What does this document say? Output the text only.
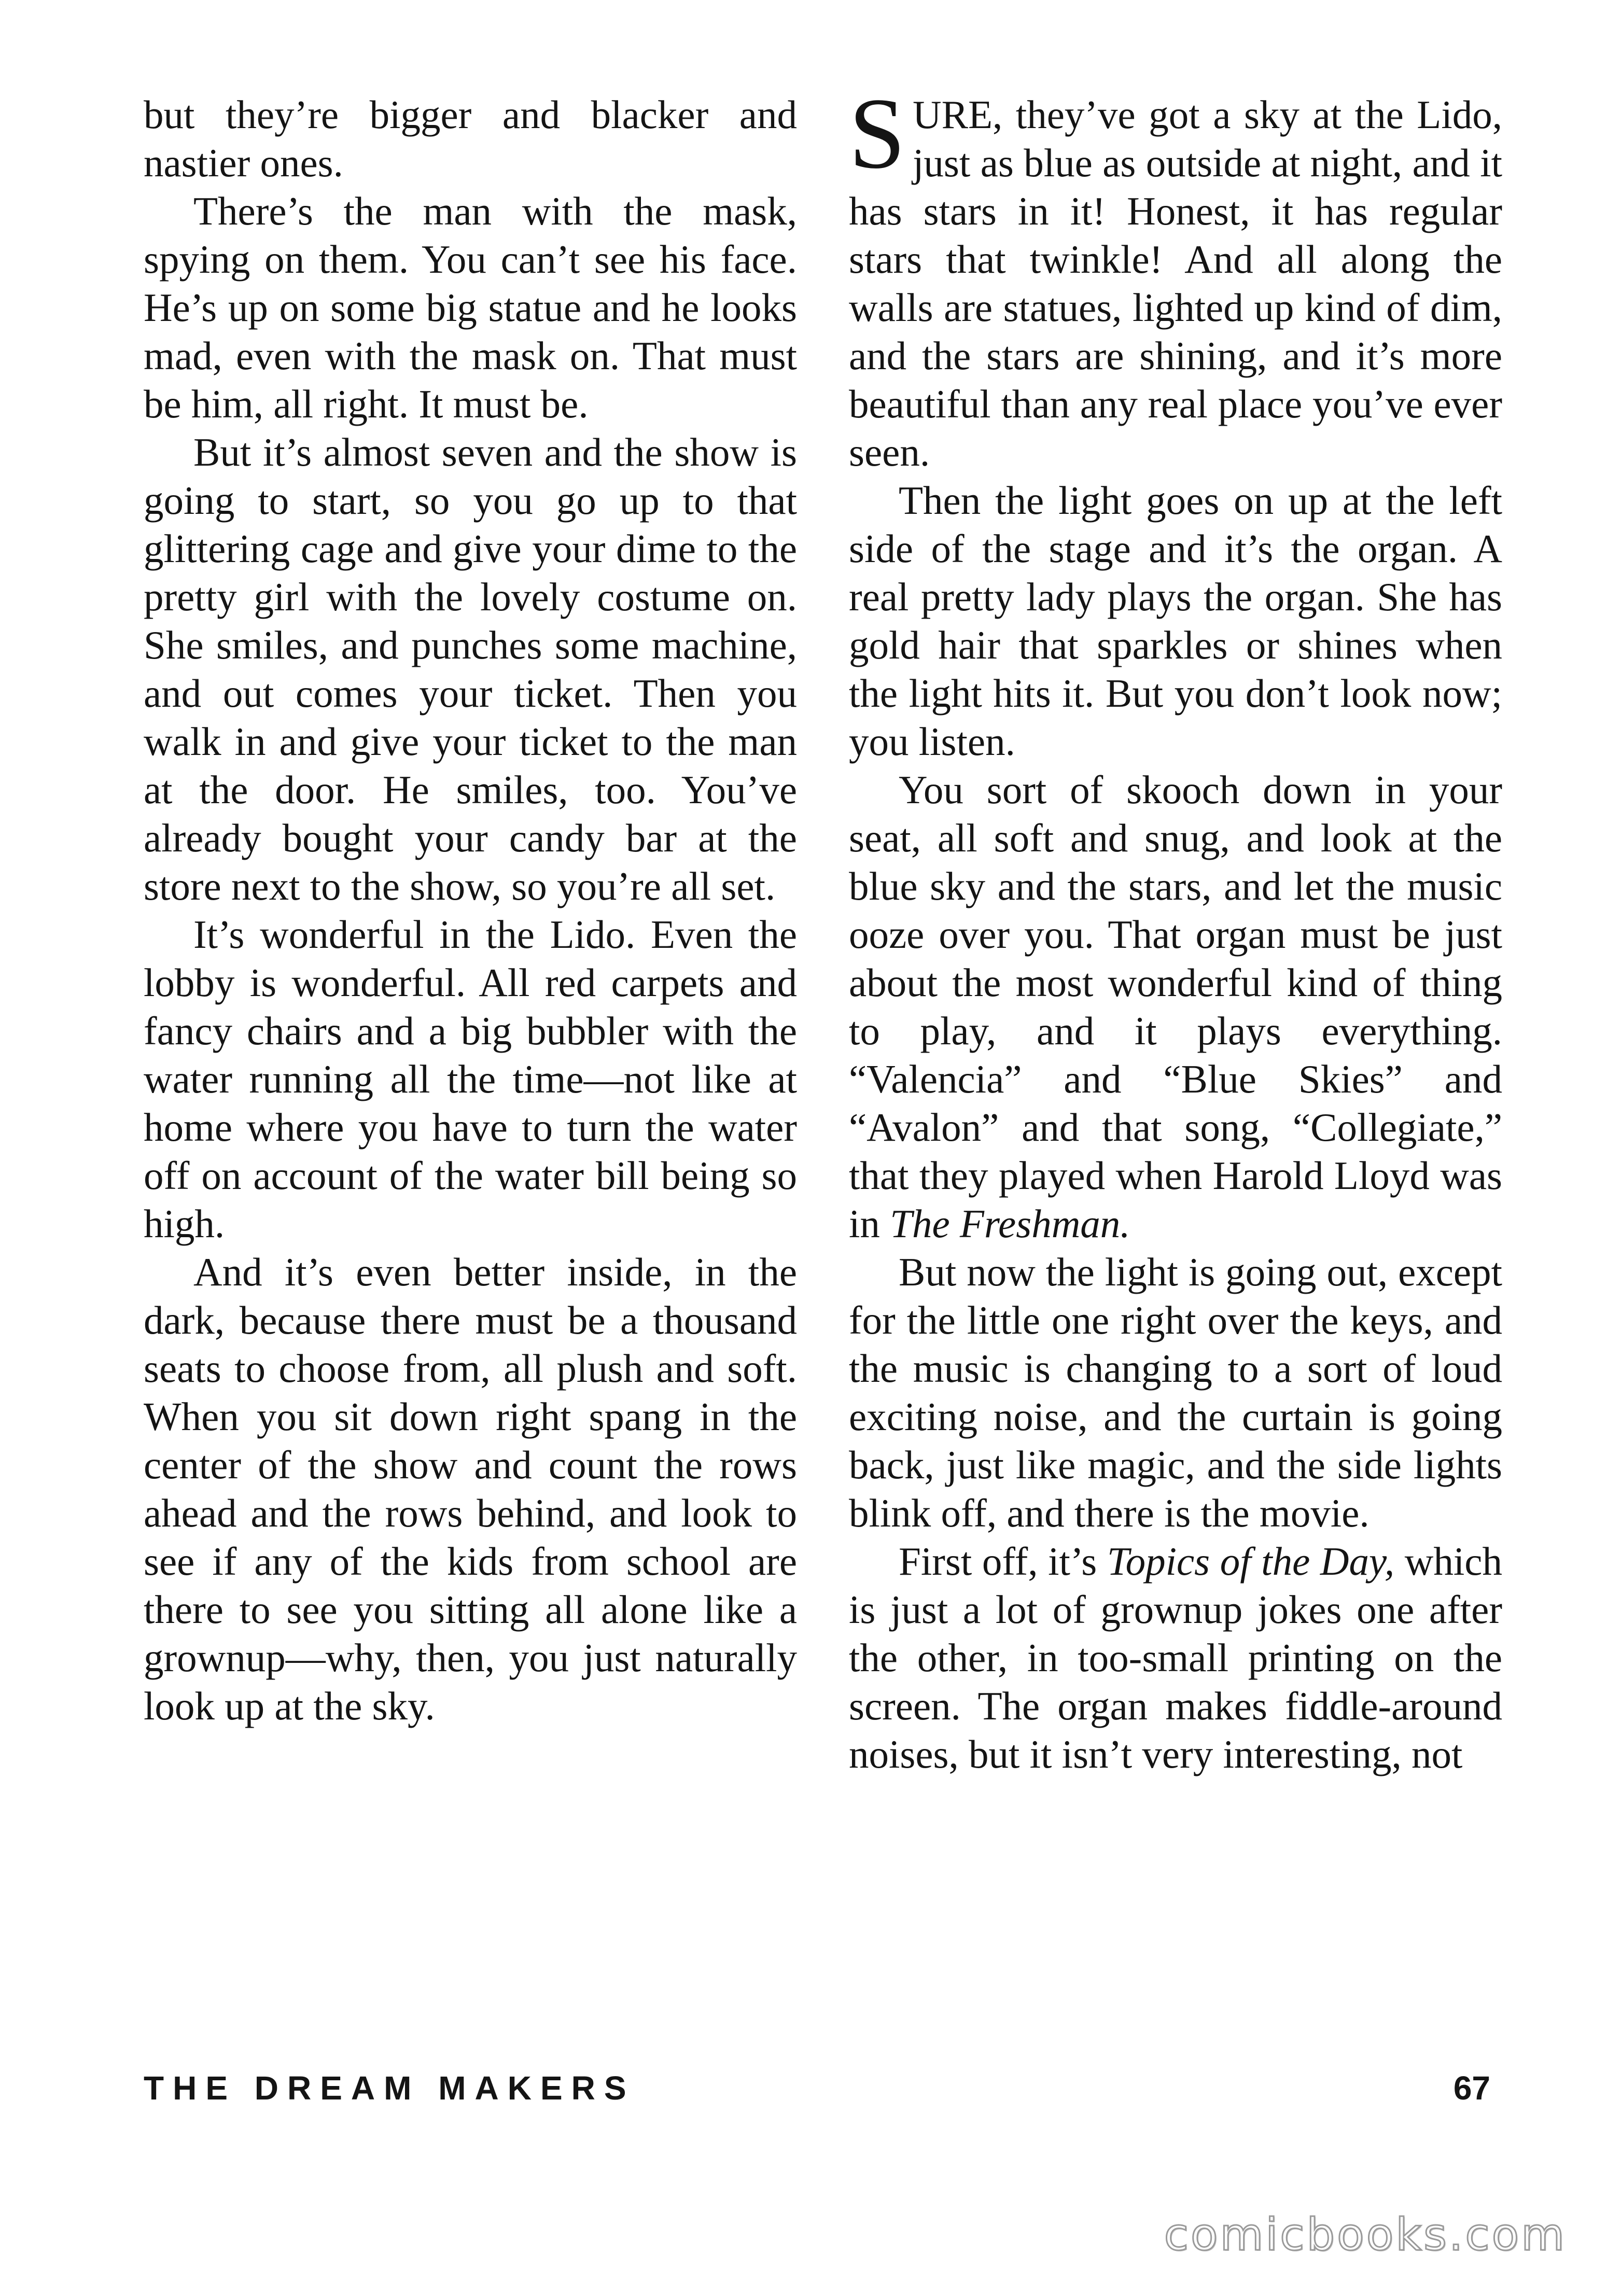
but they’re bigger and blacker and nastier ones.

There’s the man with the mask, spying on them. You can’t see his face. He’s up on some big statue and he looks mad, even with the mask on. That must be him, all right. It must be.

But it’s almost seven and the show is going to start, so you go up to that glittering cage and give your dime to the pretty girl with the lovely costume on. She smiles, and punches some machine, and out comes your ticket. Then you walk in and give your ticket to the man at the door. He smiles, too. You’ve already bought your candy bar at the store next to the show, so you’re all set.

It’s wonderful in the Lido. Even the lobby is wonderful. All red carpets and fancy chairs and a big bubbler with the water running all the time—not like at home where you have to turn the water off on account of the water bill being so high.

And it’s even better inside, in the dark, because there must be a thousand seats to choose from, all plush and soft. When you sit down right spang in the center of the show and count the rows ahead and the rows behind, and look to see if any of the kids from school are there to see you sitting all alone like a grownup—why, then, you just naturally look up at the sky.

SURE, they’ve got a sky at the Lido, just as blue as outside at night, and it has stars in it! Honest, it has regular stars that twinkle! And all along the walls are statues, lighted up kind of dim, and the stars are shining, and it’s more beautiful than any real place you’ve ever seen.

Then the light goes on up at the left side of the stage and it’s the organ. A real pretty lady plays the organ. She has gold hair that sparkles or shines when the light hits it. But you don’t look now; you listen.

You sort of skooch down in your seat, all soft and snug, and look at the blue sky and the stars, and let the music ooze over you. That organ must be just about the most wonderful kind of thing to play, and it plays everything. “Valencia” and “Blue Skies” and “Avalon” and that song, “Collegiate,” that they played when Harold Lloyd was in The Freshman.

But now the light is going out, except for the little one right over the keys, and the music is changing to a sort of loud exciting noise, and the curtain is going back, just like magic, and the side lights blink off, and there is the movie.

First off, it’s Topics of the Day, which is just a lot of grownup jokes one after the other, in too-small printing on the screen. The organ makes fiddle-around noises, but it isn’t very interesting, not

THE DREAM MAKERS	67
comicbooks.com
